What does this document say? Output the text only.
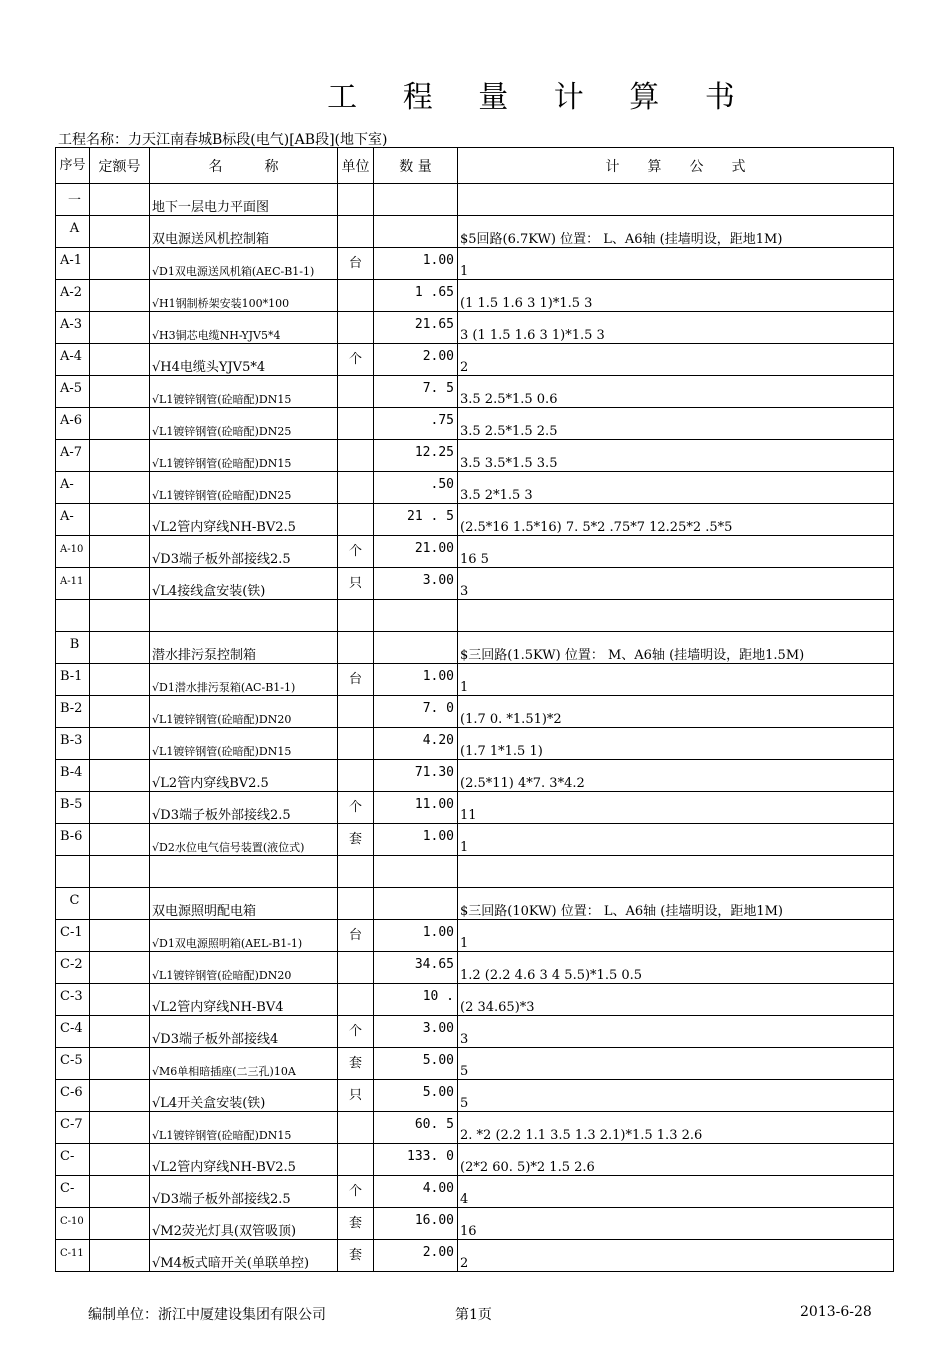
工 程 量 计 算 书
工程名称：力天江南春城B标段(电气)[AB段](地下室)
序号	定额号	名　　　称	单位	数 量	计　　算　　公　　式
一		地下一层电力平面图			
A		双电源送风机控制箱			$5回路(6.7KW) 位置： L、A6轴 (挂墙明设，距地1M)
A-1		√D1双电源送风机箱(AEC-B1-1)	台	1.00	1
A-2		√H1钢制桥架安装100*100		1 .65	(1 1.5 1.6 3 1)*1.5 3
A-3		√H3铜芯电缆NH-YJV5*4		21.65	3 (1 1.5 1.6 3 1)*1.5 3
A-4		√H4电缆头YJV5*4	个	2.00	2
A-5		√L1镀锌钢管(砼暗配)DN15		7. 5	3.5 2.5*1.5 0.6
A-6		√L1镀锌钢管(砼暗配)DN25		.75	3.5 2.5*1.5 2.5
A-7		√L1镀锌钢管(砼暗配)DN15		12.25	3.5 3.5*1.5 3.5
A-		√L1镀锌钢管(砼暗配)DN25		.50	3.5 2*1.5 3
A-		√L2管内穿线NH-BV2.5		21 . 5	(2.5*16 1.5*16) 7. 5*2 .75*7 12.25*2 .5*5
$_{A-10}$		√D3端子板外部接线2.5	个	21.00	16 5
$_{A-11}$		√L4接线盒安装(铁)	只	3.00	3

B		潜水排污泵控制箱			$三回路(1.5KW) 位置： M、A6轴 (挂墙明设，距地1.5M)
B-1		√D1潜水排污泵箱(AC-B1-1)	台	1.00	1
B-2		√L1镀锌钢管(砼暗配)DN20		7. 0	(1.7 0. *1.51)*2
B-3		√L1镀锌钢管(砼暗配)DN15		4.20	(1.7 1*1.5 1)
B-4		√L2管内穿线BV2.5		71.30	(2.5*11) 4*7. 3*4.2
B-5		√D3端子板外部接线2.5	个	11.00	11
B-6		√D2水位电气信号装置(液位式)	套	1.00	1

C		双电源照明配电箱			$三回路(10KW) 位置： L、A6轴 (挂墙明设，距地1M)
C-1		√D1双电源照明箱(AEL-B1-1)	台	1.00	1
C-2		√L1镀锌钢管(砼暗配)DN20		34.65	1.2 (2.2 4.6 3 4 5.5)*1.5 0.5
C-3		√L2管内穿线NH-BV4		10 .	(2 34.65)*3
C-4		√D3端子板外部接线4	个	3.00	3
C-5		√M6单相暗插座(二三孔)10A	套	5.00	5
C-6		√L4开关盒安装(铁)	只	5.00	5
C-7		√L1镀锌钢管(砼暗配)DN15		60. 5	2. *2 (2.2 1.1 3.5 1.3 2.1)*1.5 1.3 2.6
C-		√L2管内穿线NH-BV2.5		133. 0	(2*2 60. 5)*2 1.5 2.6
C-		√D3端子板外部接线2.5	个	4.00	4
$_{C-10}$		√M2荧光灯具(双管吸顶)	套	16.00	16
$_{C-11}$		√M4板式暗开关(单联单控)	套	2.00	2
编制单位：浙江中厦建设集团有限公司	第1页	2013-6-28
